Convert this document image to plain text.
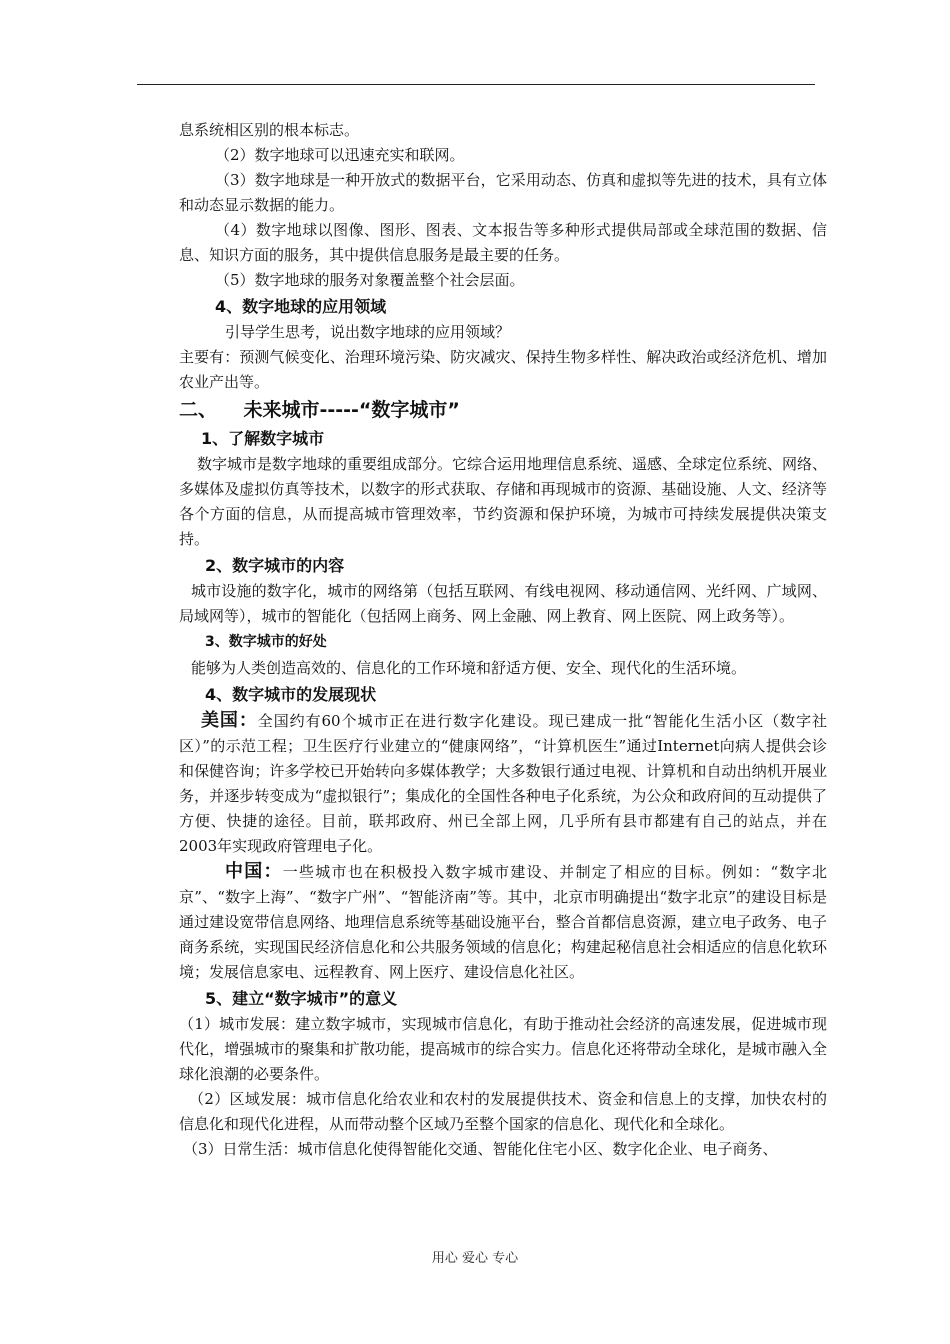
息系统相区别的根本标志。

（2）数字地球可以迅速充实和联网。

（3）数字地球是一种开放式的数据平台，它采用动态、仿真和虚拟等先进的技术，具有立体和动态显示数据的能力。

（4）数字地球以图像、图形、图表、文本报告等多种形式提供局部或全球范围的数据、信息、知识方面的服务，其中提供信息服务是最主要的任务。

（5）数字地球的服务对象覆盖整个社会层面。

4、数字地球的应用领域

引导学生思考，说出数字地球的应用领域？

主要有：预测气候变化、治理环境污染、防灾减灾、保持生物多样性、解决政治或经济危机、增加农业产出等。

二、    未来城市-----“数字城市”

1、了解数字城市

数字城市是数字地球的重要组成部分。它综合运用地理信息系统、遥感、全球定位系统、网络、多媒体及虚拟仿真等技术，以数字的形式获取、存储和再现城市的资源、基础设施、人文、经济等各个方面的信息，从而提高城市管理效率，节约资源和保护环境，为城市可持续发展提供决策支持。

2、数字城市的内容

城市设施的数字化，城市的网络第（包括互联网、有线电视网、移动通信网、光纤网、广域网、局域网等），城市的智能化（包括网上商务、网上金融、网上教育、网上医院、网上政务等）。

3、数字城市的好处

能够为人类创造高效的、信息化的工作环境和舒适方便、安全、现代化的生活环境。

4、数字城市的发展现状

美国：全国约有60个城市正在进行数字化建设。现已建成一批“智能化生活小区（数字社区）”的示范工程；卫生医疗行业建立的“健康网络”，“计算机医生”通过Internet向病人提供会诊和保健咨询；许多学校已开始转向多媒体教学；大多数银行通过电视、计算机和自动出纳机开展业务，并逐步转变成为“虚拟银行”；集成化的全国性各种电子化系统，为公众和政府间的互动提供了方便、快捷的途径。目前，联邦政府、州已全部上网，几乎所有县市都建有自己的站点，并在2003年实现政府管理电子化。

中国：一些城市也在积极投入数字城市建设、并制定了相应的目标。例如：“数字北京”、“数字上海”、“数字广州”、“智能济南”等。其中，北京市明确提出“数字北京”的建设目标是通过建设宽带信息网络、地理信息系统等基础设施平台，整合首都信息资源，建立电子政务、电子商务系统，实现国民经济信息化和公共服务领域的信息化；构建起秘信息社会相适应的信息化软环境；发展信息家电、远程教育、网上医疗、建设信息化社区。

5、建立“数字城市”的意义

（1）城市发展：建立数字城市，实现城市信息化，有助于推动社会经济的高速发展，促进城市现代化，增强城市的聚集和扩散功能，提高城市的综合实力。信息化还将带动全球化，是城市融入全球化浪潮的必要条件。

（2）区域发展：城市信息化给农业和农村的发展提供技术、资金和信息上的支撑，加快农村的信息化和现代化进程，从而带动整个区域乃至整个国家的信息化、现代化和全球化。

（3）日常生活：城市信息化使得智能化交通、智能化住宅小区、数字化企业、电子商务、

用心 爱心 专心
